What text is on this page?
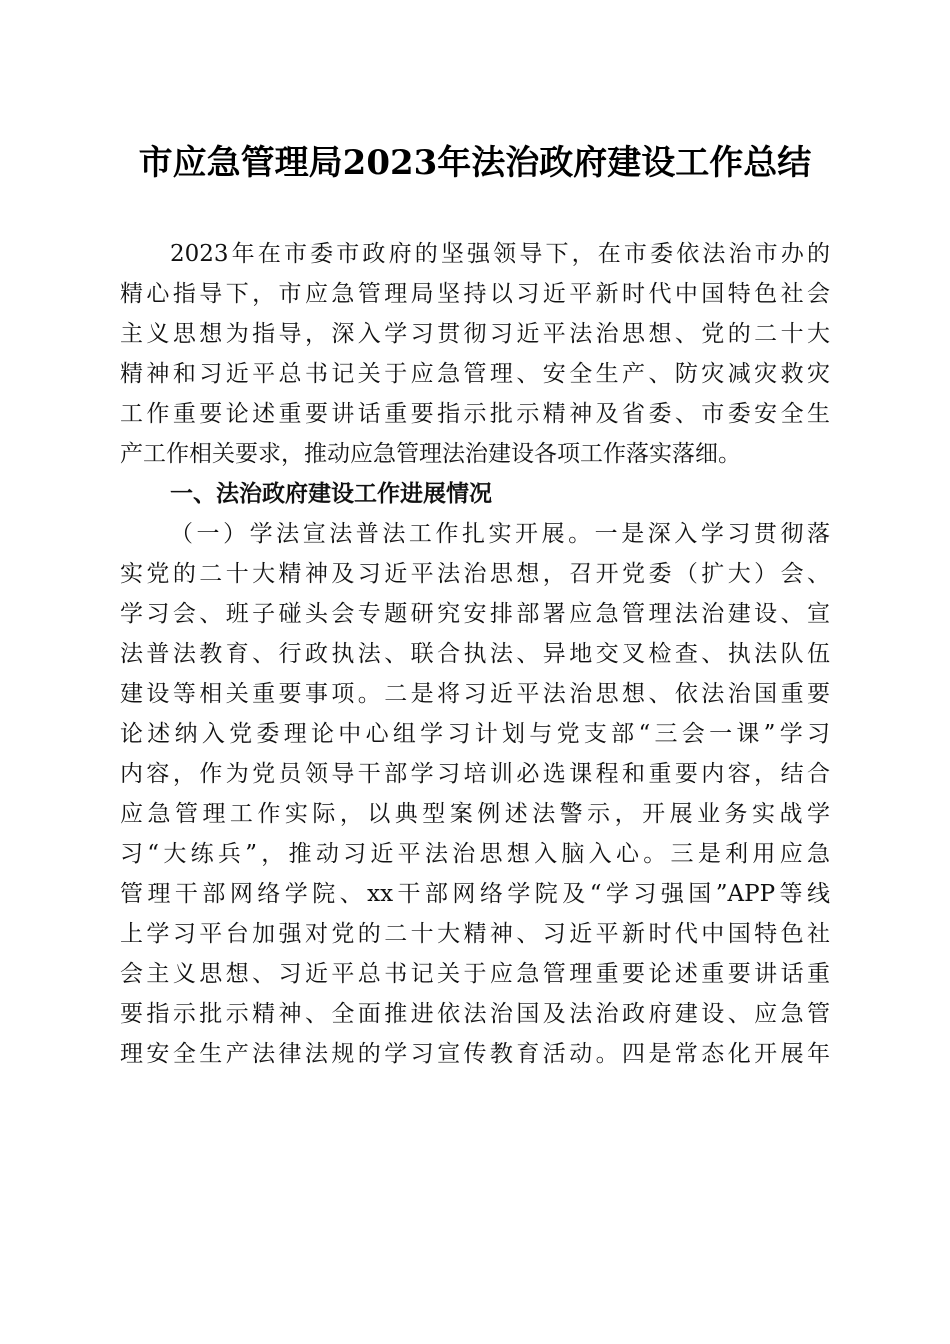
市应急管理局2023年法治政府建设工作总结
2023年在市委市政府的坚强领导下，在市委依法治市办的
精心指导下，市应急管理局坚持以习近平新时代中国特色社会
主义思想为指导，深入学习贯彻习近平法治思想、党的二十大
精神和习近平总书记关于应急管理、安全生产、防灾减灾救灾
工作重要论述重要讲话重要指示批示精神及省委、市委安全生
产工作相关要求，推动应急管理法治建设各项工作落实落细。
一、法治政府建设工作进展情况
（一）学法宣法普法工作扎实开展。一是深入学习贯彻落
实党的二十大精神及习近平法治思想，召开党委（扩大）会、
学习会、班子碰头会专题研究安排部署应急管理法治建设、宣
法普法教育、行政执法、联合执法、异地交叉检查、执法队伍
建设等相关重要事项。二是将习近平法治思想、依法治国重要
论述纳入党委理论中心组学习计划与党支部“三会一课”学习
内容，作为党员领导干部学习培训必选课程和重要内容，结合
应急管理工作实际，以典型案例述法警示，开展业务实战学
习“大练兵”，推动习近平法治思想入脑入心。三是利用应急
管理干部网络学院、xx干部网络学院及“学习强国”APP等线
上学习平台加强对党的二十大精神、习近平新时代中国特色社
会主义思想、习近平总书记关于应急管理重要论述重要讲话重
要指示批示精神、全面推进依法治国及法治政府建设、应急管
理安全生产法律法规的学习宣传教育活动。四是常态化开展年
